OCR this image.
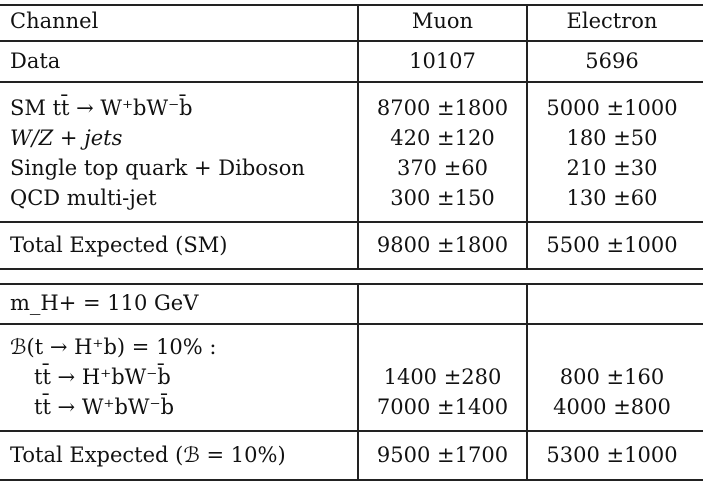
Channel	Muon	Electron
Data	10107	5696
SM tt̄ → W⁺bW⁻b̄	8700 ±1800	5000 ±1000
W/Z + jets	420 ±120	180 ±50
Single top quark + Diboson	370 ±60	210 ±30
QCD multi-jet	300 ±150	130 ±60
Total Expected (SM)	9800 ±1800	5500 ±1000
m_H+ = 110 GeV
ℬ(t → H⁺b) = 10% :
tt̄ → H⁺bW⁻b̄	1400 ±280	800 ±160
tt̄ → W⁺bW⁻b̄	7000 ±1400	4000 ±800
Total Expected (ℬ = 10%)	9500 ±1700	5300 ±1000
